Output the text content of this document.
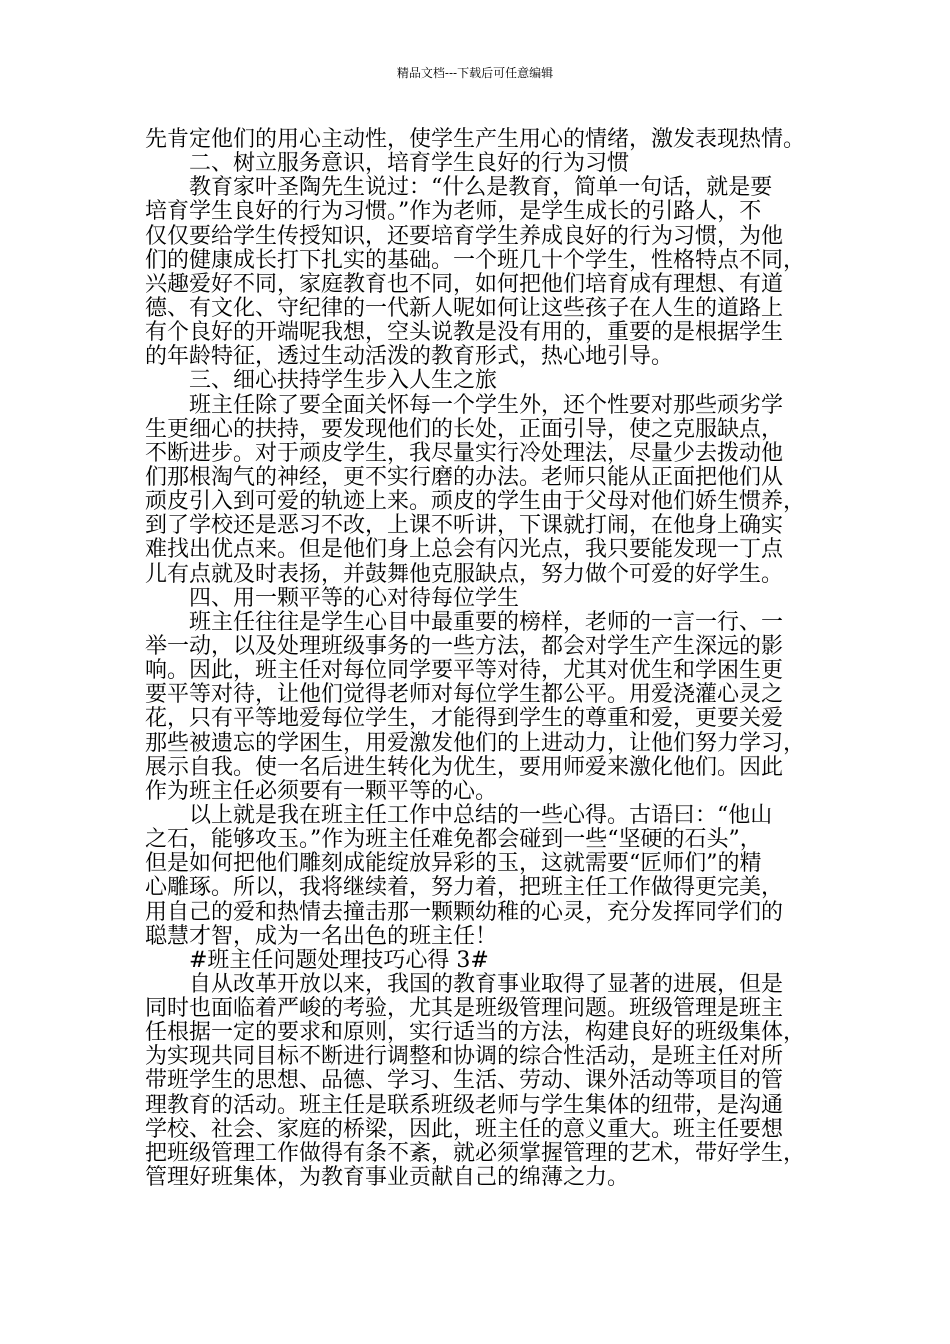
精品文档---下载后可任意编辑
先肯定他们的用心主动性，使学生产生用心的情绪，激发表现热情。
二、树立服务意识，培育学生良好的行为习惯
教育家叶圣陶先生说过：“什么是教育，简单一句话，就是要
培育学生良好的行为习惯。”作为老师，是学生成长的引路人，不
仅仅要给学生传授知识，还要培育学生养成良好的行为习惯，为他
们的健康成长打下扎实的基础。一个班几十个学生，性格特点不同，
兴趣爱好不同，家庭教育也不同，如何把他们培育成有理想、有道
德、有文化、守纪律的一代新人呢如何让这些孩子在人生的道路上
有个良好的开端呢我想，空头说教是没有用的，重要的是根据学生
的年龄特征，透过生动活泼的教育形式，热心地引导。
三、细心扶持学生步入人生之旅
班主任除了要全面关怀每一个学生外，还个性要对那些顽劣学
生更细心的扶持，要发现他们的长处，正面引导，使之克服缺点，
不断进步。对于顽皮学生，我尽量实行冷处理法，尽量少去拨动他
们那根淘气的神经，更不实行磨的办法。老师只能从正面把他们从
顽皮引入到可爱的轨迹上来。顽皮的学生由于父母对他们娇生惯养，
到了学校还是恶习不改，上课不听讲，下课就打闹，在他身上确实
难找出优点来。但是他们身上总会有闪光点，我只要能发现一丁点
儿有点就及时表扬，并鼓舞他克服缺点，努力做个可爱的好学生。
四、用一颗平等的心对待每位学生
班主任往往是学生心目中最重要的榜样，老师的一言一行、一
举一动，以及处理班级事务的一些方法，都会对学生产生深远的影
响。因此，班主任对每位同学要平等对待，尤其对优生和学困生更
要平等对待，让他们觉得老师对每位学生都公平。用爱浇灌心灵之
花，只有平等地爱每位学生，才能得到学生的尊重和爱，更要关爱
那些被遗忘的学困生，用爱激发他们的上进动力，让他们努力学习，
展示自我。使一名后进生转化为优生，要用师爱来激化他们。因此
作为班主任必须要有一颗平等的心。
以上就是我在班主任工作中总结的一些心得。古语曰：“他山
之石，能够攻玉。”作为班主任难免都会碰到一些“坚硬的石头”，
但是如何把他们雕刻成能绽放异彩的玉，这就需要“匠师们”的精
心雕琢。所以，我将继续着，努力着，把班主任工作做得更完美，
用自己的爱和热情去撞击那一颗颗幼稚的心灵，充分发挥同学们的
聪慧才智，成为一名出色的班主任！
#班主任问题处理技巧心得 3#
自从改革开放以来，我国的教育事业取得了显著的进展，但是
同时也面临着严峻的考验，尤其是班级管理问题。班级管理是班主
任根据一定的要求和原则，实行适当的方法，构建良好的班级集体，
为实现共同目标不断进行调整和协调的综合性活动，是班主任对所
带班学生的思想、品德、学习、生活、劳动、课外活动等项目的管
理教育的活动。班主任是联系班级老师与学生集体的纽带，是沟通
学校、社会、家庭的桥梁，因此，班主任的意义重大。班主任要想
把班级管理工作做得有条不紊，就必须掌握管理的艺术，带好学生，
管理好班集体，为教育事业贡献自己的绵薄之力。
